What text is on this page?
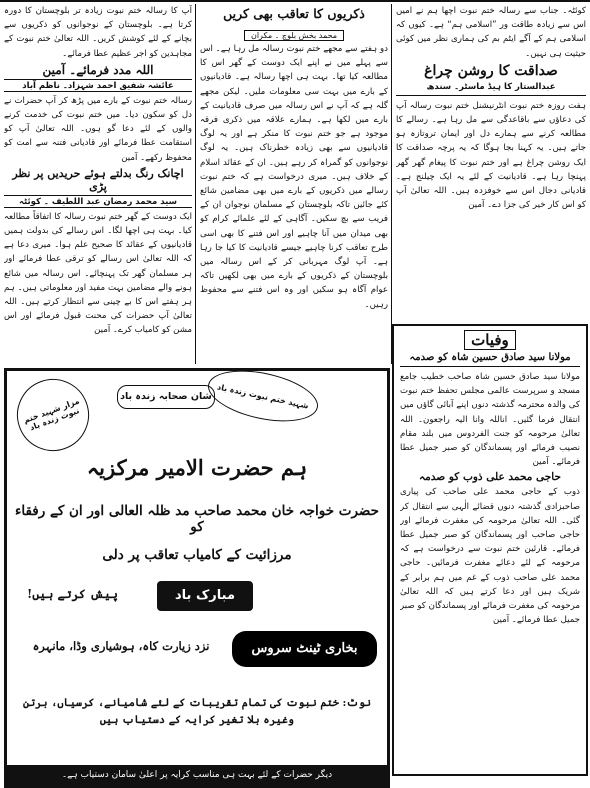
کوئٹہ۔ جناب سے رسالہ ختم نبوت اچھا ہم نے امیں اس سے زیادہ طاقت ور ”اسلامی ہم“ ہے۔ کیوں کہ اسلامی ہم کے آگے ایٹم بم کی ہماری نظر میں کوئی حیثیت ہی نہیں۔

صداقت کا روشن چراغ
عبدالستار کا ہیڈ ماسٹر۔ سندھ

ہفت روزہ ختم نبوت انٹرنیشنل ختم نبوت رسالہ آپ کی دعاؤں سے باقاعدگی سے مل رہا ہے۔ رسالے کا مطالعہ کرنے سے ہمارے دل اور ایمان تروتازہ ہو جاتے ہیں۔ یہ کہنا بجا ہوگا کہ یہ پرچہ صداقت کا ایک روشن چراغ ہے اور ختم نبوت کا پیغام گھر گھر پہنچا رہا ہے۔ قادیانیت کے لئے یہ ایک چیلنج ہے۔ قادیانی دجال اس سے خوفزدہ ہیں۔ اللہ تعالیٰ آپ کو اس کار خیر کی جزا دے۔ آمین

وفیات
مولانا سید صادق حسین شاہ کو صدمہ

مولانا سید صادق حسین شاہ صاحب خطیب جامع مسجد و سرپرست عالمی مجلس تحفظ ختم نبوت کی والدہ محترمہ گذشتہ دنوں اپنے آبائی گاؤں میں انتقال فرما گئیں۔ اناللہ وانا الیہ راجعون۔ اللہ تعالیٰ مرحومہ کو جنت الفردوس میں بلند مقام نصیب فرمائے اور پسماندگان کو صبر جمیل عطا فرمائے۔ آمین

حاجی محمد علی ذوب کو صدمہ

ذوب کے حاجی محمد علی صاحب کی پیاری صاحبزادی گذشتہ دنوں قضائے الٰہی سے انتقال کر گئی۔ اللہ تعالیٰ مرحومہ کی مغفرت فرمائے اور حاجی صاحب اور پسماندگان کو صبر جمیل عطا فرمائے۔ قارئین ختم نبوت سے درخواست ہے کہ مرحومہ کے لئے دعائے مغفرت فرمائیں۔ حاجی محمد علی صاحب ذوب کے غم میں ہم برابر کے شریک ہیں اور دعا کرتے ہیں کہ اللہ تعالیٰ مرحومہ کی مغفرت فرمائے اور پسماندگان کو صبر جمیل عطا فرمائے۔ آمین

ذکریوں کا تعاقب بھی کریں
محمد بخش بلوچ ۔ مکران

دو ہفتے سے مجھے ختم نبوت رسالہ مل رہا ہے۔ اس سے پہلے میں نے اپنے ایک دوست کے گھر اس کا مطالعہ کیا تھا۔ بہت ہی اچھا رسالہ ہے۔ قادیانیوں کے بارے میں بہت سی معلومات ملیں۔ لیکن مجھے گلہ ہے کہ آپ نے اس رسالہ میں صرف قادیانیت کے بارے میں لکھا ہے۔ ہمارے علاقہ میں ذکری فرقہ موجود ہے جو ختم نبوت کا منکر ہے اور یہ لوگ قادیانیوں سے بھی زیادہ خطرناک ہیں۔ یہ لوگ نوجوانوں کو گمراہ کر رہے ہیں۔ ان کے عقائد اسلام کے خلاف ہیں۔ میری درخواست ہے کہ ختم نبوت رسالے میں ذکریوں کے بارے میں بھی مضامین شائع کئے جائیں تاکہ بلوچستان کے مسلمان نوجوان ان کے فریب سے بچ سکیں۔ آگاہی کے لئے علمائے کرام کو بھی میدان میں آنا چاہیے اور اس فتنے کا بھی اسی طرح تعاقب کرنا چاہیے جیسے قادیانیت کا کیا جا رہا ہے۔ آپ لوگ مہربانی کر کے اس رسالہ میں بلوچستان کے ذکریوں کے بارے میں بھی لکھیں تاکہ عوام آگاہ ہو سکیں اور وہ اس فتنے سے محفوظ رہیں۔

آپ کا رسالہ ختم نبوت زیادہ تر بلوچستان کا دورہ کرتا ہے۔ بلوچستان کے نوجوانوں کو ذکریوں سے بچانے کے لئے کوشش کریں۔ اللہ تعالیٰ ختم نبوت کے مجاہدین کو اجر عظیم عطا فرمائے۔

اللہ مدد فرمائے۔ آمین
عائشہ شفیق احمد شہزاد۔ ناظم آباد

رسالہ ختم نبوت کے بارے میں پڑھ کر آپ حضرات نے دل کو سکون دیا۔ میں ختم نبوت کی خدمت کرنے والوں کے لئے دعا گو ہوں۔ اللہ تعالیٰ آپ کو استقامت عطا فرمائے اور قادیانی فتنہ سے امت کو محفوظ رکھے۔ آمین

اچانک رنگ بدلتے ہوئے حریدیں پر نظر پڑی
سید محمد رمضان عبد اللطیف ۔ کوئٹہ

ایک دوست کے گھر ختم نبوت رسالہ کا اتفاقاً مطالعہ کیا۔ بہت ہی اچھا لگا۔ اس رسالے کی بدولت ہمیں قادیانیوں کے عقائد کا صحیح علم ہوا۔ میری دعا ہے کہ اللہ تعالیٰ اس رسالے کو ترقی عطا فرمائے اور ہر مسلمان گھر تک پہنچائے۔ اس رسالہ میں شائع ہونے والے مضامین بہت مفید اور معلوماتی ہیں۔ ہم ہر ہفتے اس کا بے چینی سے انتظار کرتے ہیں۔ اللہ تعالیٰ آپ حضرات کی محنت قبول فرمائے اور اس مشن کو کامیاب کرے۔ آمین

مزار شہید ختم نبوت زندہ باد
شہید ختم نبوت زندہ باد
شان صحابہ زندہ باد
ہم حضرت الامیر مرکزیہ
حضرت خواجہ خان محمد صاحب مد ظلہ العالی اور ان کے رفقاء کو
مرزائیت کے کامیاب تعاقب پر دلی
مبارک باد
پیش کرتے ہیں!
بخاری ٹینٹ سروس
نزد زیارت کاہ، ہوشیاری وڈا، مانہرہ
نوٹ: ختم نبوت کی تمام تقریبات کے لئے شامیانے، کرسیاں، برتن وغیرہ بلا تغیر کرایہ کے دستیاب ہیں
دیگر حضرات کے لئے بہت ہی مناسب کرایہ پر اعلیٰ سامان دستیاب ہے۔
